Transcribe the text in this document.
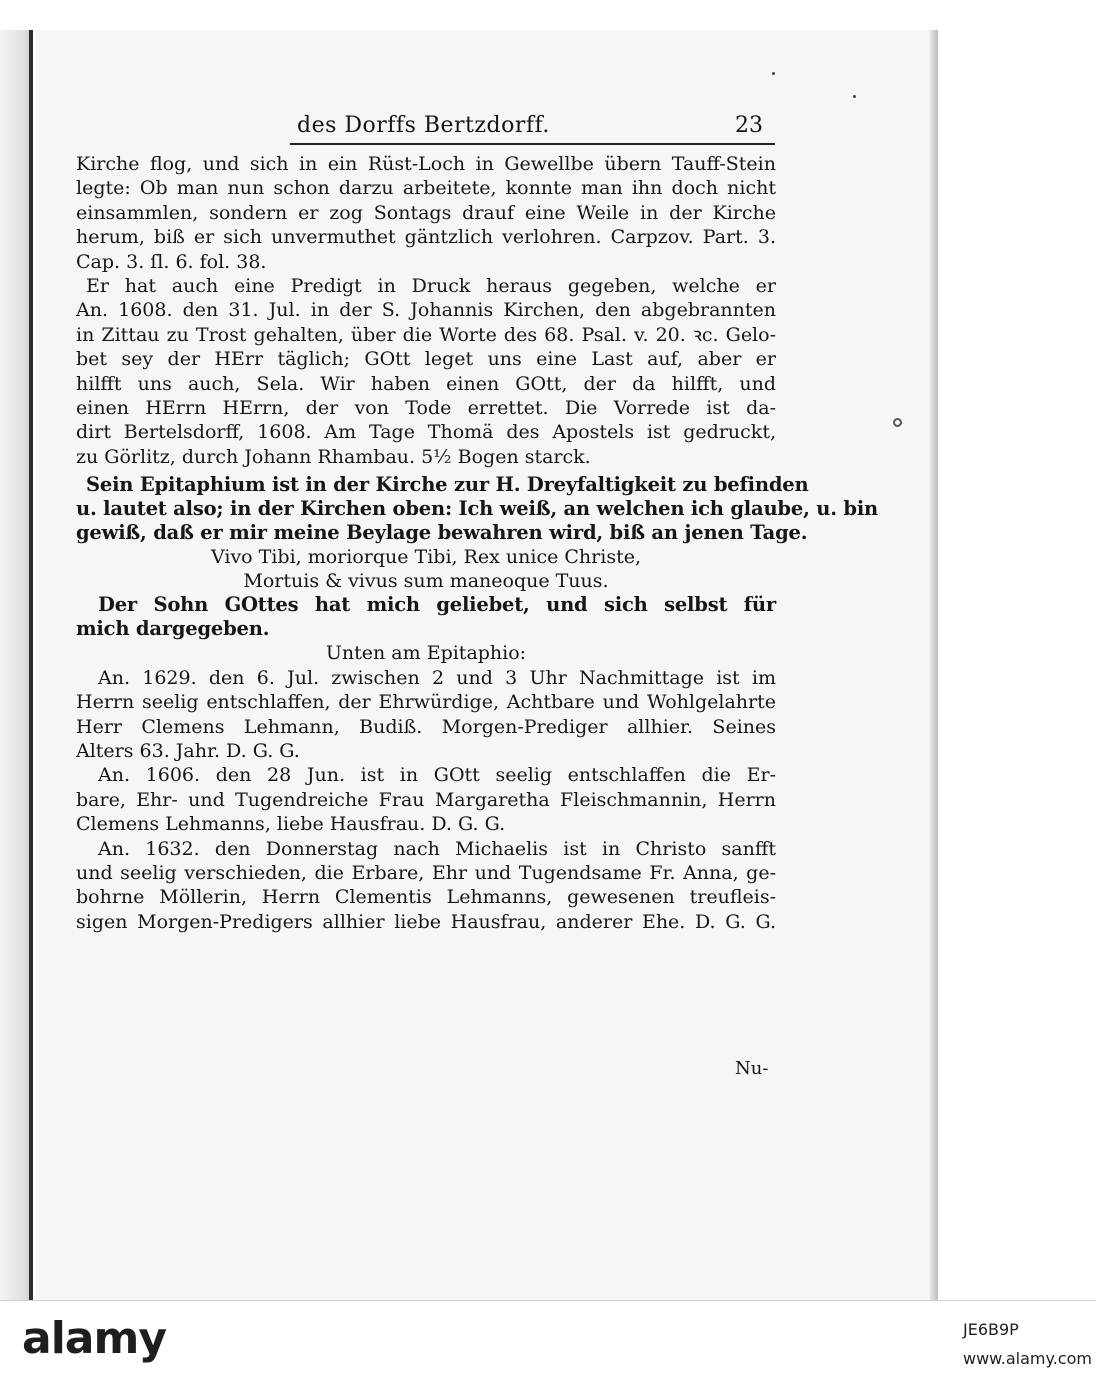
des Dorffs Bertzdorff.	23
Kirche flog, und sich in ein Rüst-Loch in Gewellbe übern Tauff-Stein
legte: Ob man nun schon darzu arbeitete, konnte man ihn doch nicht
einsammlen, sondern er zog Sontags drauf eine Weile in der Kirche
herum, biß er sich unvermuthet gäntzlich verlohren. Carpzov. Part. 3.
Cap. 3. ſl. 6. fol. 38.
Er hat auch eine Predigt in Druck heraus gegeben, welche er
An. 1608. den 31. Jul. in der S. Johannis Kirchen, den abgebrannten
in Zittau zu Trost gehalten, über die Worte des 68. Psal. v. 20. ꝛc. Gelo-
bet sey der HErr täglich; GOtt leget uns eine Last auf, aber er
hilfft uns auch, Sela. Wir haben einen GOtt, der da hilfft, und
einen HErrn HErrn, der von Tode errettet. Die Vorrede ist da-
dirt Bertelsdorff, 1608. Am Tage Thomä des Apostels ist gedruckt,
zu Görlitz, durch Johann Rhambau. 5½ Bogen starck.
Sein Epitaphium ist in der Kirche zur H. Dreyfaltigkeit zu befinden
u. lautet also; in der Kirchen oben: Ich weiß, an welchen ich glaube, u. bin
gewiß, daß er mir meine Beylage bewahren wird, biß an jenen Tage.
Vivo Tibi, moriorque Tibi, Rex unice Christe,
Mortuis & vivus sum maneoque Tuus.
Der Sohn GOttes hat mich geliebet, und sich selbst für
mich dargegeben.
Unten am Epitaphio:
An. 1629. den 6. Jul. zwischen 2 und 3 Uhr Nachmittage ist im
Herrn seelig entschlaffen, der Ehrwürdige, Achtbare und Wohlgelahrte
Herr Clemens Lehmann, Budiß. Morgen-Prediger allhier. Seines
Alters 63. Jahr. D. G. G.
An. 1606. den 28 Jun. ist in GOtt seelig entschlaffen die Er-
bare, Ehr- und Tugendreiche Frau Margaretha Fleischmannin, Herrn
Clemens Lehmanns, liebe Hausfrau. D. G. G.
An. 1632. den Donnerstag nach Michaelis ist in Christo sanfft
und seelig verschieden, die Erbare, Ehr und Tugendsame Fr. Anna, ge-
bohrne Möllerin, Herrn Clementis Lehmanns, gewesenen treufleis-
sigen Morgen-Predigers allhier liebe Hausfrau, anderer Ehe. D. G. G.
Nu-
alamy	JE6B9P
www.alamy.com
